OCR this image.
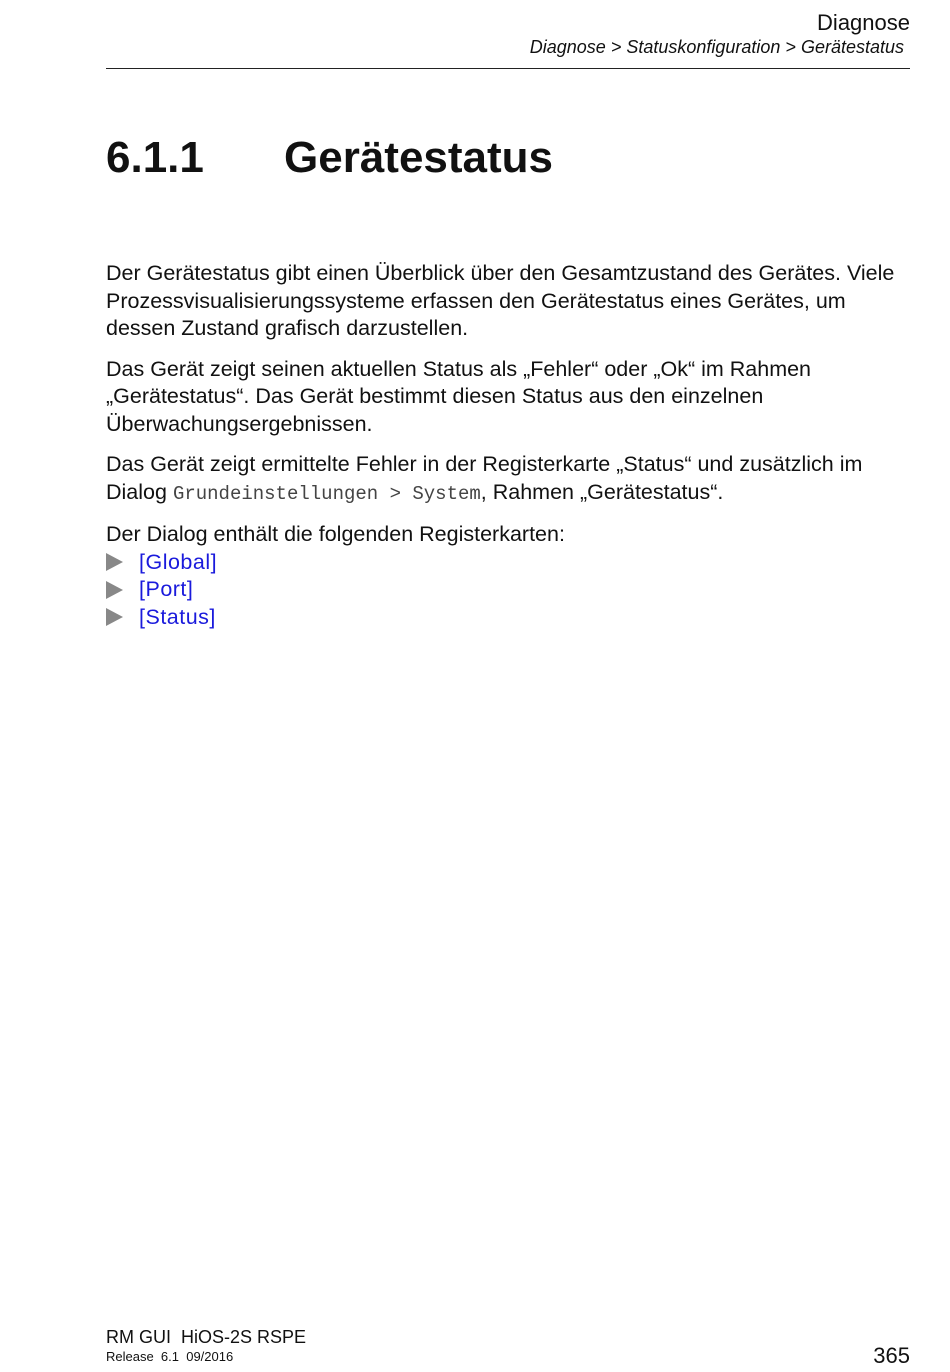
Diagnose
Diagnose > Statuskonfiguration > Gerätestatus
6.1.1 Gerätestatus

Der Gerätestatus gibt einen Überblick über den Gesamtzustand des Gerätes. Viele Prozessvisualisierungssysteme erfassen den Gerätestatus eines Gerätes, um dessen Zustand grafisch darzustellen.

Das Gerät zeigt seinen aktuellen Status als „Fehler“ oder „Ok“ im Rahmen „Gerätestatus“. Das Gerät bestimmt diesen Status aus den einzelnen Überwachungsergebnissen.

Das Gerät zeigt ermittelte Fehler in der Registerkarte „Status“ und zusätzlich im Dialog Grundeinstellungen > System, Rahmen „Gerätestatus“.

Der Dialog enthält die folgenden Registerkarten:

[Global]
[Port]
[Status]
RM GUI  HiOS-2S RSPE
Release  6.1  09/2016	365
